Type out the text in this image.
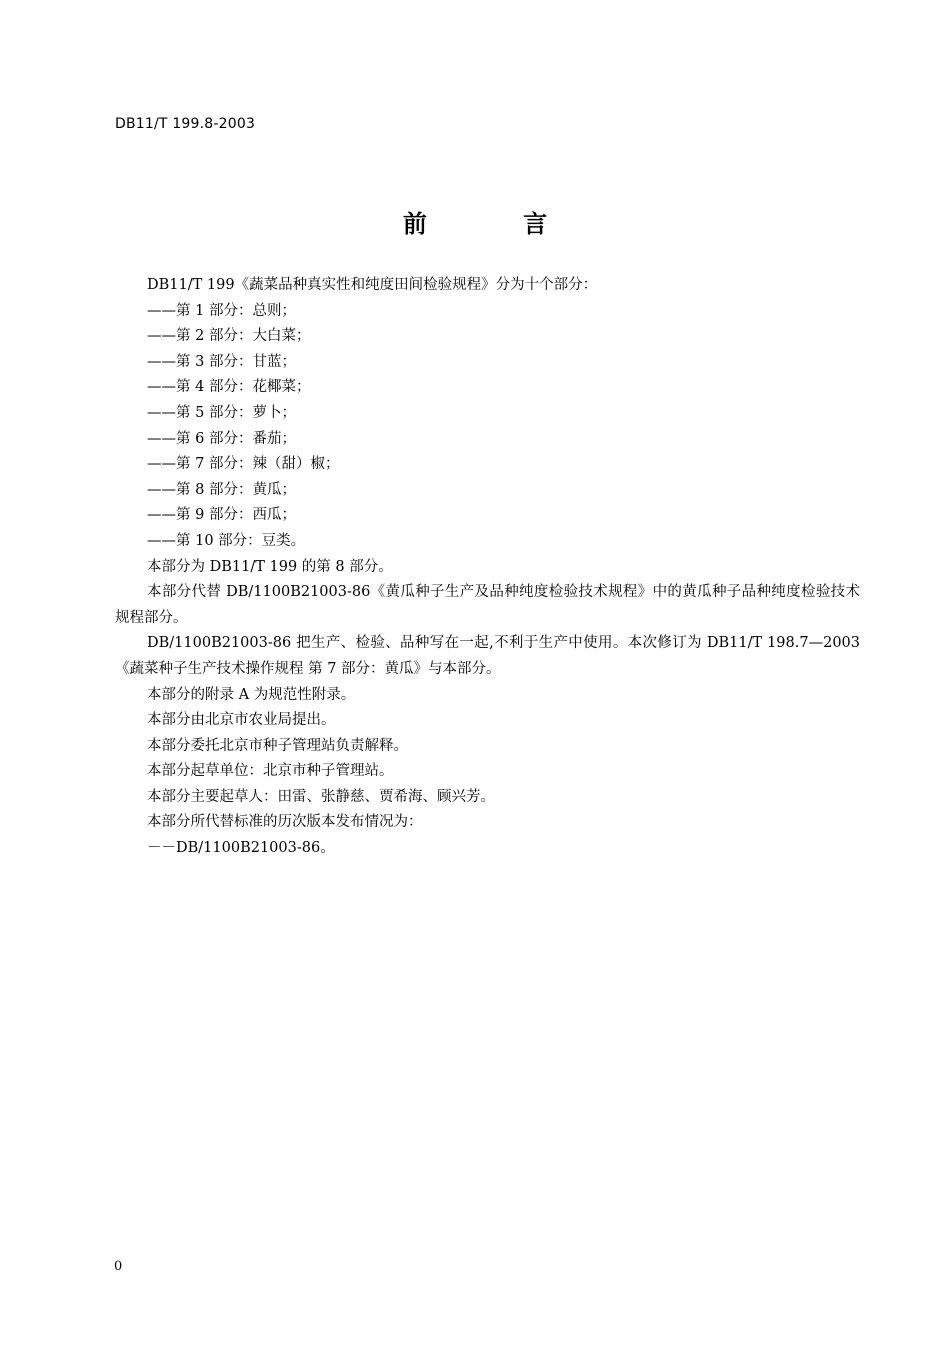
DB11/T 199.8-2003
前 言

DB11/T 199《蔬菜品种真实性和纯度田间检验规程》分为十个部分：

——第 1 部分：总则；

——第 2 部分：大白菜；

——第 3 部分：甘蓝；

——第 4 部分：花椰菜；

——第 5 部分：萝卜；

——第 6 部分：番茄；

——第 7 部分：辣（甜）椒；

——第 8 部分：黄瓜；

——第 9 部分：西瓜；

——第 10 部分：豆类。

本部分为 DB11/T 199 的第 8 部分。

本部分代替 DB/1100B21003-86《黄瓜种子生产及品种纯度检验技术规程》中的黄瓜种子品种纯度检验技术规程部分。

DB/1100B21003-86 把生产、检验、品种写在一起,不利于生产中使用。本次修订为 DB11/T 198.7—2003《蔬菜种子生产技术操作规程 第 7 部分：黄瓜》与本部分。

本部分的附录 A 为规范性附录。

本部分由北京市农业局提出。

本部分委托北京市种子管理站负责解释。

本部分起草单位：北京市种子管理站。

本部分主要起草人：田雷、张静慈、贾希海、顾兴芳。

本部分所代替标准的历次版本发布情况为：

－－DB/1100B21003-86。

0
